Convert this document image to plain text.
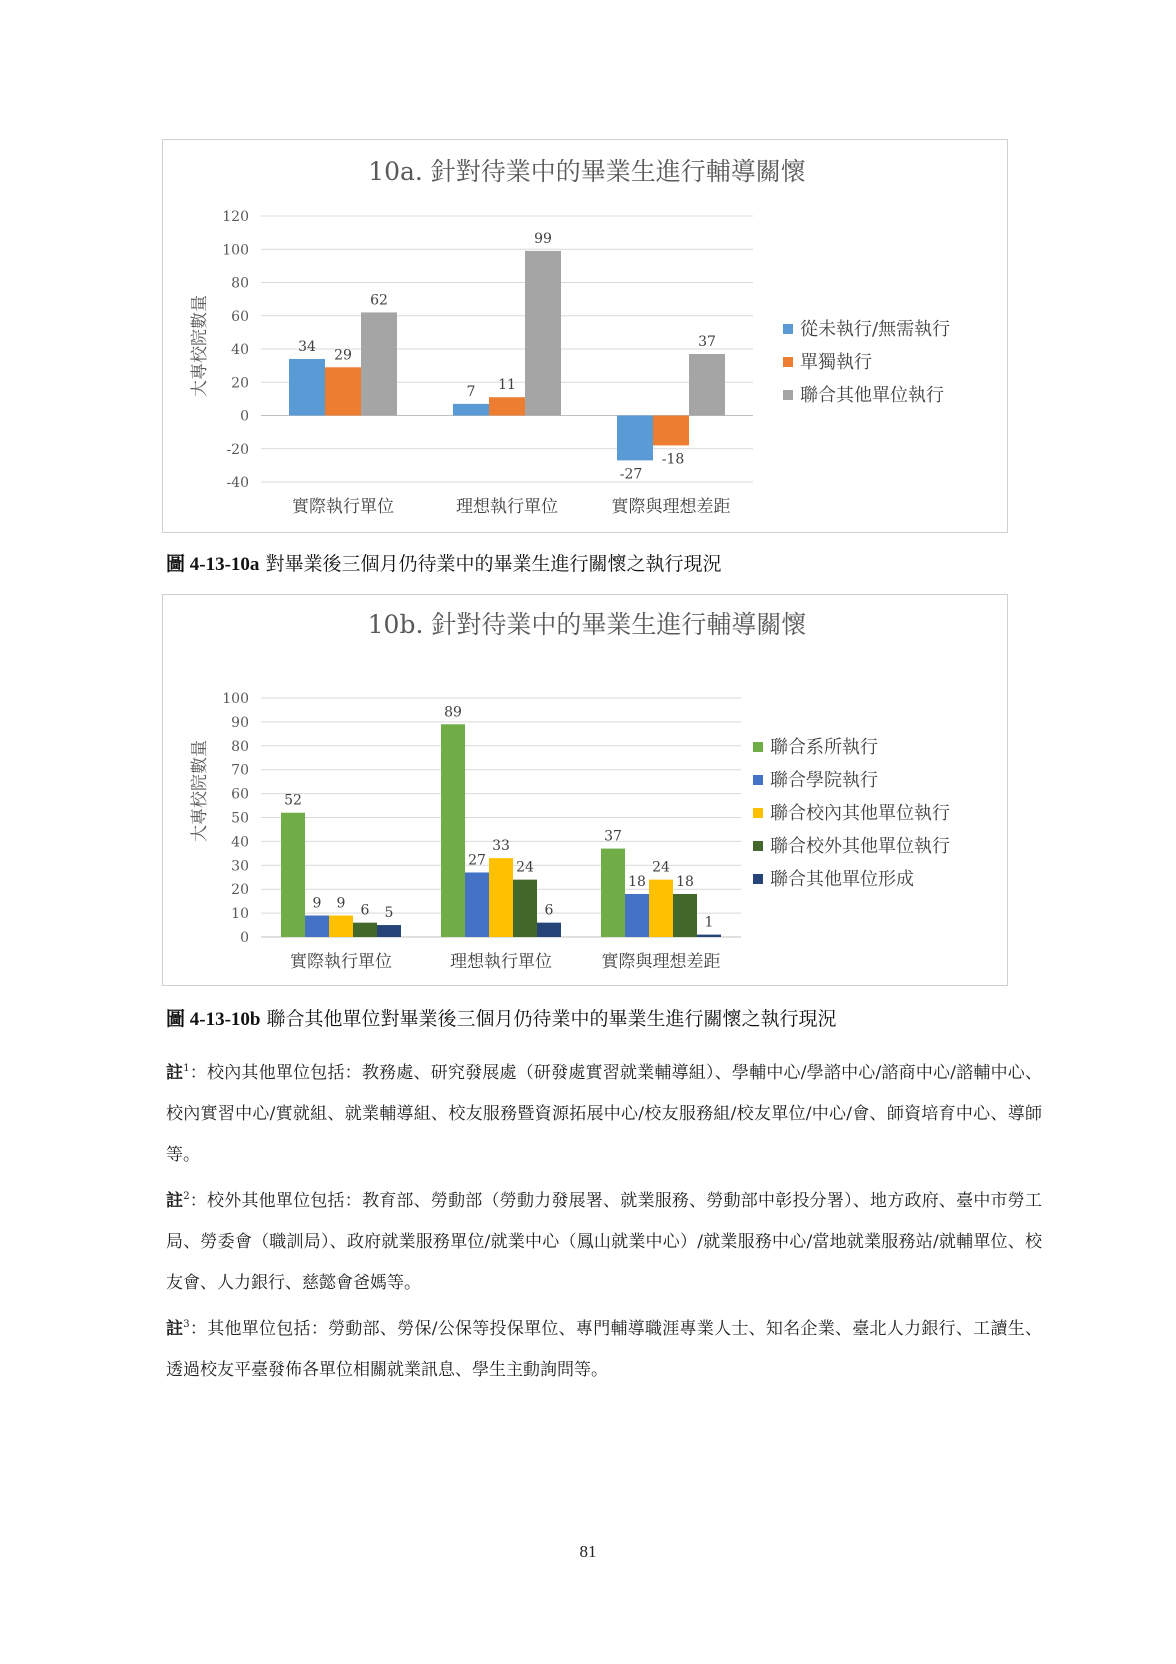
10a. 針對待業中的畢業生進行輔導關懷
大專校院數量
120
100
80
60
40
20
0
-20
-40
34
29
62
實際執行單位
7 11
99
理想執行單位
-27
-18
37
實際與理想差距
從未執行/無需執行
單獨執行
聯合其他單位執行
圖 4-13-10a 對畢業後三個月仍待業中的畢業生進行關懷之執行現況
10b. 針對待業中的畢業生進行輔導關懷
大專校院數量
100
90
80
70
60
50
40
30
20
10
0
52
9 9 6 5
實際執行單位
89
27
33
24
6
理想執行單位
37
18
24
18
1
實際與理想差距
聯合系所執行
聯合學院執行
聯合校內其他單位執行
聯合校外其他單位執行
聯合其他單位形成
圖 4-13-10b 聯合其他單位對畢業後三個月仍待業中的畢業生進行關懷之執行現況

註$^1$：校內其他單位包括：教務處、研究發展處（研發處實習就業輔導組）、學輔中心/學諮中心/諮商中心/諮輔中心、校內實習中心/實就組、就業輔導組、校友服務暨資源拓展中心/校友服務組/校友單位/中心/會、師資培育中心、導師等。

註$^2$：校外其他單位包括：教育部、勞動部（勞動力發展署、就業服務、勞動部中彰投分署）、地方政府、臺中市勞工局、勞委會（職訓局）、政府就業服務單位/就業中心（鳳山就業中心）/就業服務中心/當地就業服務站/就輔單位、校友會、人力銀行、慈懿會爸媽等。

註$^3$：其他單位包括：勞動部、勞保/公保等投保單位、專門輔導職涯專業人士、知名企業、臺北人力銀行、工讀生、透過校友平臺發佈各單位相關就業訊息、學生主動詢問等。

81
